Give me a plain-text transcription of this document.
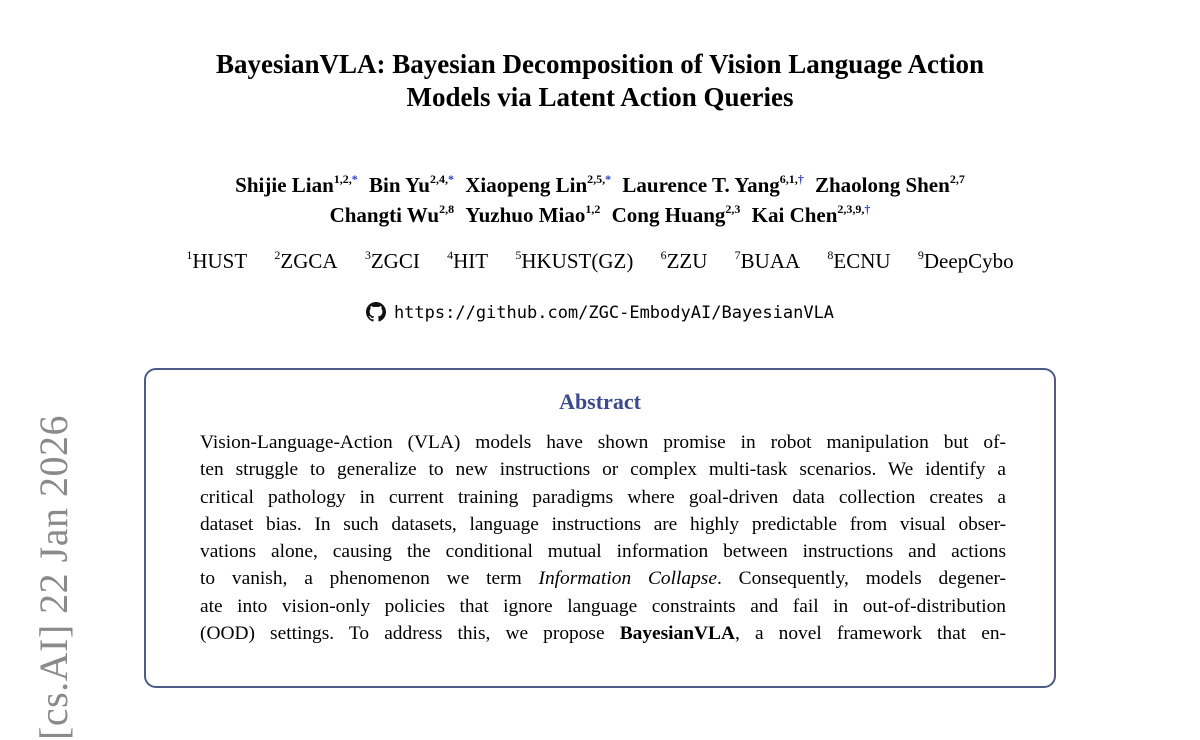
BayesianVLA: Bayesian Decomposition of Vision Language Action
Models via Latent Action Queries
Shijie Lian$^{1,2,*}$ Bin $Yu^{2,4,*}$ Xiaopeng Lin$^{2,5,*}$ Laurence T. Yang$^{6,1,\dagger}$ Zhaolong Shen$^{2,7}$
Changti Wu$^{2,8}$ Yuzhuo Miao$^{1,2}$ Cong Huang$^{2,3}$ Kai Chen$^{2,3,9,\dagger}$
$^1$HUST $^2$ZGCA $^3$ZGCI $^4$HIT $^5$HKUST(GZ) $^6$ZZU $^7$BUAA $^8$ECNU $^9$DeepCybo
https://github.com/ZGC-EmbodyAI/BayesianVLA
Abstract
Vision-Language-Action (VLA) models have shown promise in robot manipulation but of-
ten struggle to generalize to new instructions or complex multi-task scenarios. We identify a
critical pathology in current training paradigms where goal-driven data collection creates a
dataset bias. In such datasets, language instructions are highly predictable from visual obser-
vations alone, causing the conditional mutual information between instructions and actions
to vanish, a phenomenon we term Information Collapse. Consequently, models degener-
ate into vision-only policies that ignore language constraints and fail in out-of-distribution
(OOD) settings. To address this, we propose BayesianVLA, a novel framework that en-
[cs.AI] 22 Jan 2026
